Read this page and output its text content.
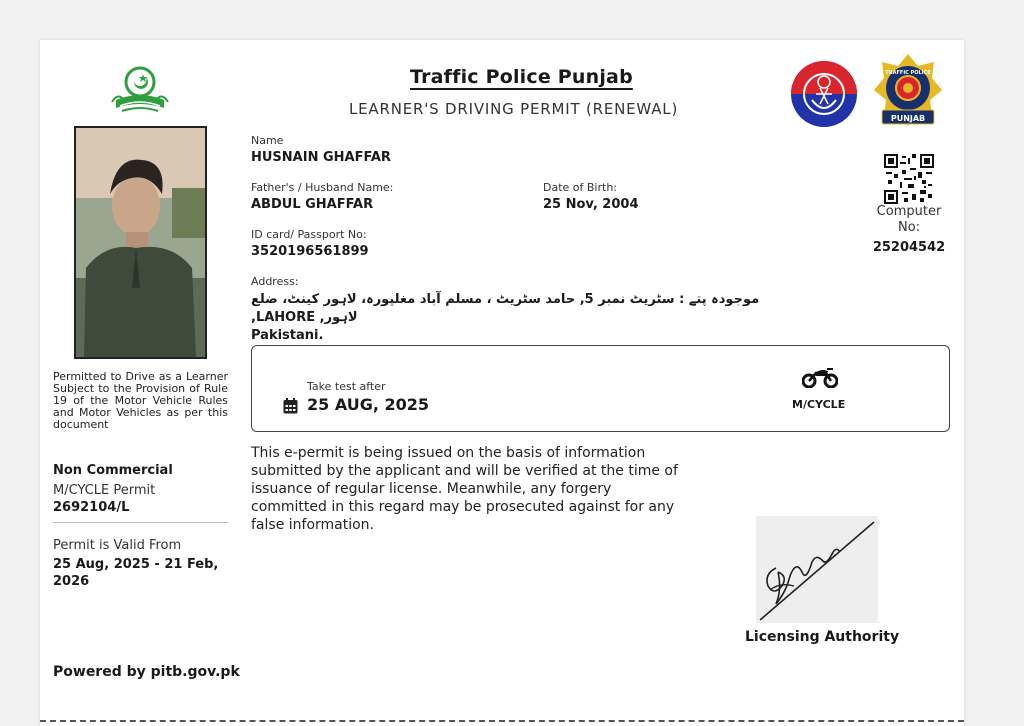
Traffic Police Punjab
LEARNER'S DRIVING PERMIT (RENEWAL)
PUNJAB
TRAFFIC POLICE
Permitted to Drive as a Learner Subject to the Provision of Rule 19 of the Motor Vehicle Rules and Motor Vehicles as per this document
Non Commercial
M/CYCLE Permit
2692104/L
Permit is Valid From
25 Aug, 2025 - 21 Feb, 2026
Powered by pitb.gov.pk
Name
HUSNAIN GHAFFAR
Father's / Husband Name:
ABDUL GHAFFAR
Date of Birth:
25 Nov, 2004
ID card/ Passport No:
3520196561899
Address:
موجودہ پتے : سٹریٹ نمبر 5, حامد سٹریٹ ، مسلم آباد مغلپورہ، لاہور کینٹ، ضلع لاہور, LAHORE,
Pakistani.
Computer No:
25204542
Take test after
25 AUG, 2025	M/CYCLE
This e-permit is being issued on the basis of information submitted by the applicant and will be verified at the time of issuance of regular license. Meanwhile, any forgery committed in this regard may be prosecuted against for any false information.
Licensing Authority
